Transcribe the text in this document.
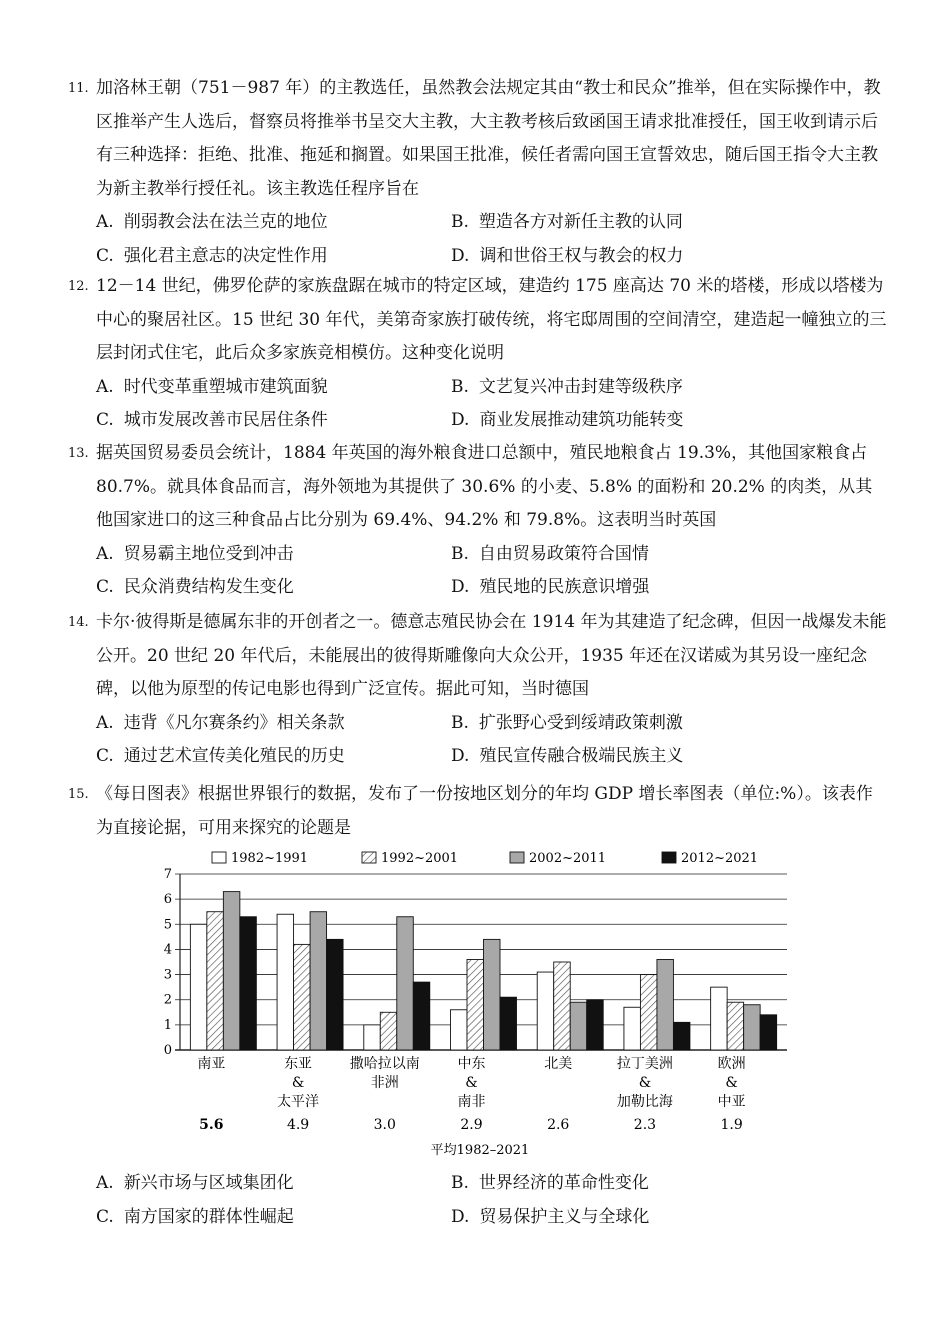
11. 加洛林王朝（751－987 年）的主教选任，虽然教会法规定其由“教士和民众”推举，但在实际操作中，教区推举产生人选后，督察员将推举书呈交大主教，大主教考核后致函国王请求批准授任，国王收到请示后有三种选择：拒绝、批准、拖延和搁置。如果国王批准，候任者需向国王宣誓效忠，随后国王指令大主教为新主教举行授任礼。该主教选任程序旨在
A. 削弱教会法在法兰克的地位	B. 塑造各方对新任主教的认同
C. 强化君主意志的决定性作用	D. 调和世俗王权与教会的权力
12. 12－14 世纪，佛罗伦萨的家族盘踞在城市的特定区域，建造约 175 座高达 70 米的塔楼，形成以塔楼为中心的聚居社区。15 世纪 30 年代，美第奇家族打破传统，将宅邸周围的空间清空，建造起一幢独立的三层封闭式住宅，此后众多家族竞相模仿。这种变化说明
A. 时代变革重塑城市建筑面貌	B. 文艺复兴冲击封建等级秩序
C. 城市发展改善市民居住条件	D. 商业发展推动建筑功能转变
13. 据英国贸易委员会统计，1884 年英国的海外粮食进口总额中，殖民地粮食占 19.3%，其他国家粮食占 80.7%。就具体食品而言，海外领地为其提供了 30.6% 的小麦、5.8% 的面粉和 20.2% 的肉类，从其他国家进口的这三种食品占比分别为 69.4%、94.2% 和 79.8%。这表明当时英国
A. 贸易霸主地位受到冲击	B. 自由贸易政策符合国情
C. 民众消费结构发生变化	D. 殖民地的民族意识增强
14. 卡尔·彼得斯是德属东非的开创者之一。德意志殖民协会在 1914 年为其建造了纪念碑，但因一战爆发未能公开。20 世纪 20 年代后，未能展出的彼得斯雕像向大众公开，1935 年还在汉诺威为其另设一座纪念碑，以他为原型的传记电影也得到广泛宣传。据此可知，当时德国
A. 违背《凡尔赛条约》相关条款	B. 扩张野心受到绥靖政策刺激
C. 通过艺术宣传美化殖民的历史	D. 殖民宣传融合极端民族主义
15. 《每日图表》根据世界银行的数据，发布了一份按地区划分的年均 GDP 增长率图表（单位:%）。该表作为直接论据，可用来探究的论题是
1982~1991	1992~2001	2002~2011	2012~2021
0
1
2
3
4
5
6
7
南亚	东亚
&
太平洋
撒哈拉以南
非洲
中东
&
南非
北美	拉丁美洲
&
加勒比海
欧洲
&
中亚
5.6	4.9	3.0	2.9	2.6	2.3	1.9
平均1982–2021
A. 新兴市场与区域集团化	B. 世界经济的革命性变化
C. 南方国家的群体性崛起	D. 贸易保护主义与全球化
